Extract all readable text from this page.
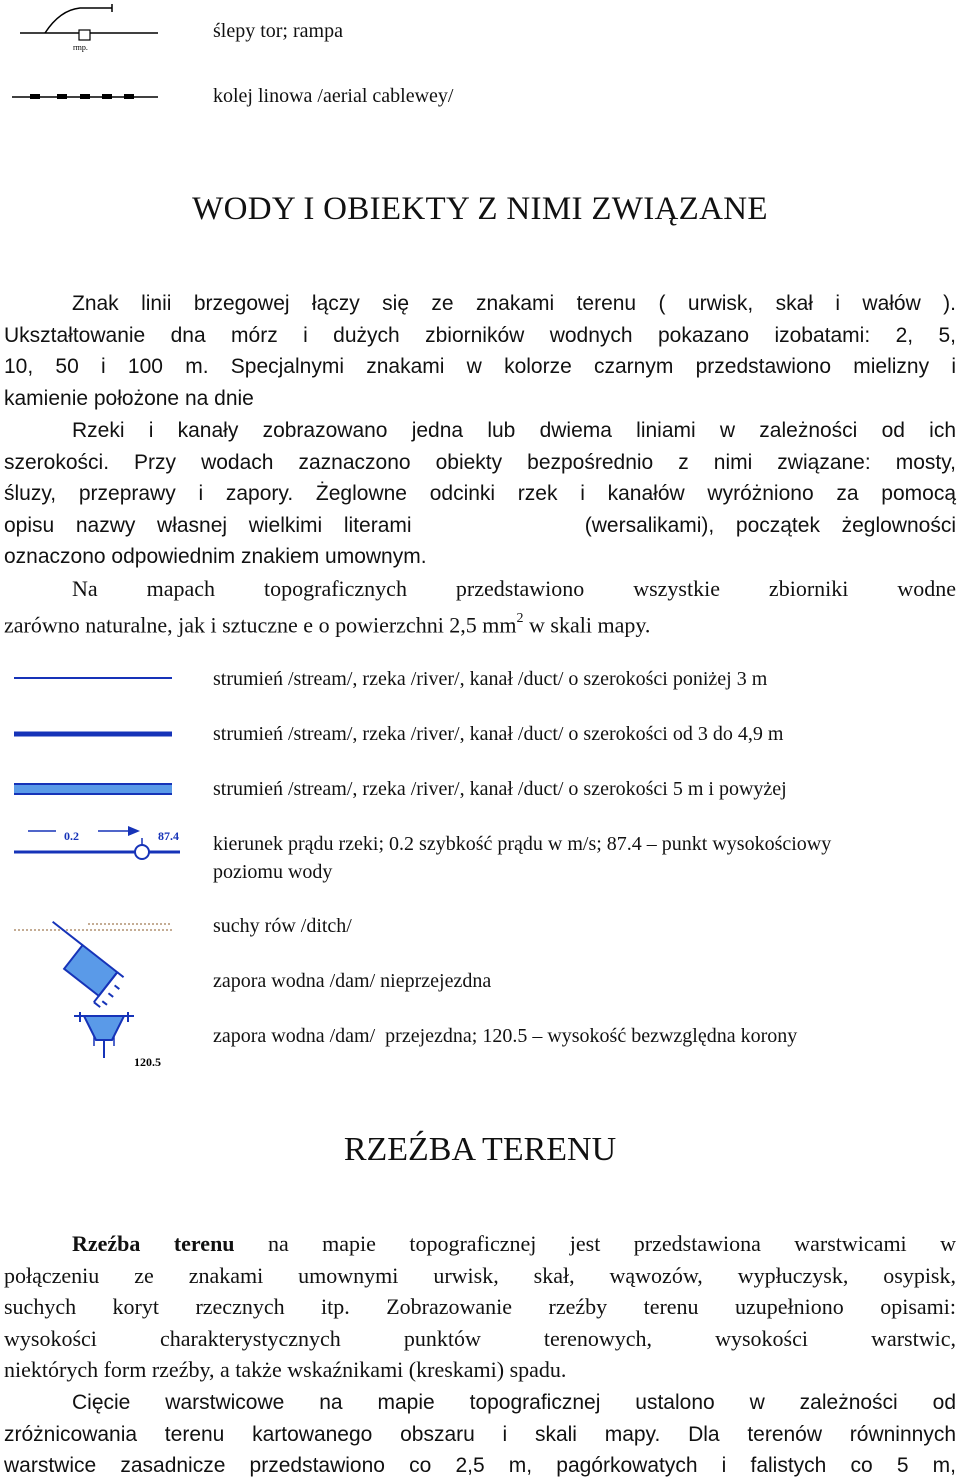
rmp.
ślepy tor; rampa
kolej linowa /aerial cablewey/
WODY I OBIEKTY Z NIMI ZWIĄZANE
Znak linii brzegowej łączy się ze znakami terenu ( urwisk, skał i wałów ).
Ukształtowanie dna mórz i dużych zbiorników wodnych pokazano izobatami: 2, 5,
10, 50 i 100 m. Specjalnymi znakami w kolorze czarnym przedstawiono mielizny i
kamienie położone na dnie
Rzeki i kanały zobrazowano jedna lub dwiema liniami w zależności od ich
szerokości. Przy wodach zaznaczono obiekty bezpośrednio z nimi związane: mosty,
śluzy, przeprawy i zapory. Żeglowne odcinki rzek i kanałów wyróżniono za pomocą
opisu nazwy własnej wielkimi literami        (wersalikami), początek żeglowności
oznaczono odpowiednim znakiem umownym.
Na mapach topograficznych przedstawiono wszystkie zbiorniki wodne
zarówno naturalne, jak i sztuczne e o powierzchni 2,5 $mm^2$ w skali mapy.
0.2	87.4
120.5
strumień /stream/, rzeka /river/, kanał /duct/ o szerokości poniżej 3 m
strumień /stream/, rzeka /river/, kanał /duct/ o szerokości od 3 do 4,9 m
strumień /stream/, rzeka /river/, kanał /duct/ o szerokości 5 m i powyżej
kierunek prądu rzeki; 0.2 szybkość prądu w m/s; 87.4 – punkt wysokościowy
poziomu wody
suchy rów /ditch/
zapora wodna /dam/ nieprzejezdna
zapora wodna /dam/  przejezdna; 120.5 – wysokość bezwzględna korony
RZEŹBA TERENU
Rzeźba terenu na mapie topograficznej jest przedstawiona warstwicami w
połączeniu ze znakami umownymi urwisk, skał, wąwozów, wypłuczysk, osypisk,
suchych koryt rzecznych itp. Zobrazowanie rzeźby terenu uzupełniono opisami:
wysokości charakterystycznych punktów terenowych, wysokości warstwic,
niektórych form rzeźby, a także wskaźnikami (kreskami) spadu.
Cięcie warstwicowe na mapie topograficznej ustalono w zależności od
zróżnicowania terenu kartowanego obszaru i skali mapy. Dla terenów równinnych
warstwice zasadnicze przedstawiono co 2,5 m, pagórkowatych i falistych co 5 m,
